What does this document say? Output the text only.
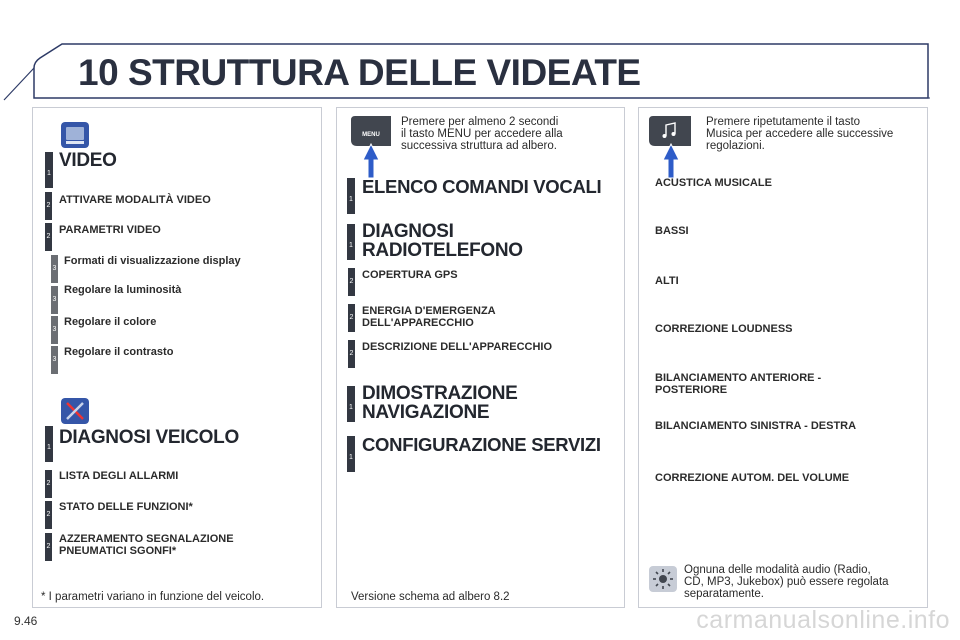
10 STRUTTURA DELLE VIDEATE
1
VIDEO
2 ATTIVARE MODALITÀ VIDEO
2
PARAMETRI VIDEO
3
Formati di visualizzazione display
3
Regolare la luminosità
3
Regolare il colore
3
Regolare il contrasto
1 DIAGNOSI VEICOLO
2
LISTA DEGLI ALLARMI
2
STATO DELLE FUNZIONI*
2
AZZERAMENTO SEGNALAZIONE
PNEUMATICI SGONFI*
* I parametri variano in funzione del veicolo.
MENU
Premere per almeno 2 secondi
il tasto MENU per accedere alla
successiva struttura ad albero.
1
ELENCO COMANDI VOCALI
1
DIAGNOSI
RADIOTELEFONO
2
COPERTURA GPS
2
ENERGIA D'EMERGENZA
DELL'APPARECCHIO
2
DESCRIZIONE DELL'APPARECCHIO
1
DIMOSTRAZIONE
NAVIGAZIONE
1
CONFIGURAZIONE SERVIZI
Versione schema ad albero 8.2
Premere ripetutamente il tasto
Musica per accedere alle successive
regolazioni.
ACUSTICA MUSICALE
BASSI
ALTI
CORREZIONE LOUDNESS
BILANCIAMENTO ANTERIORE -
POSTERIORE
BILANCIAMENTO SINISTRA - DESTRA
CORREZIONE AUTOM. DEL VOLUME
Ognuna delle modalità audio (Radio,
CD, MP3, Jukebox) può essere regolata
separatamente.
9.46	carmanualsonline.info
